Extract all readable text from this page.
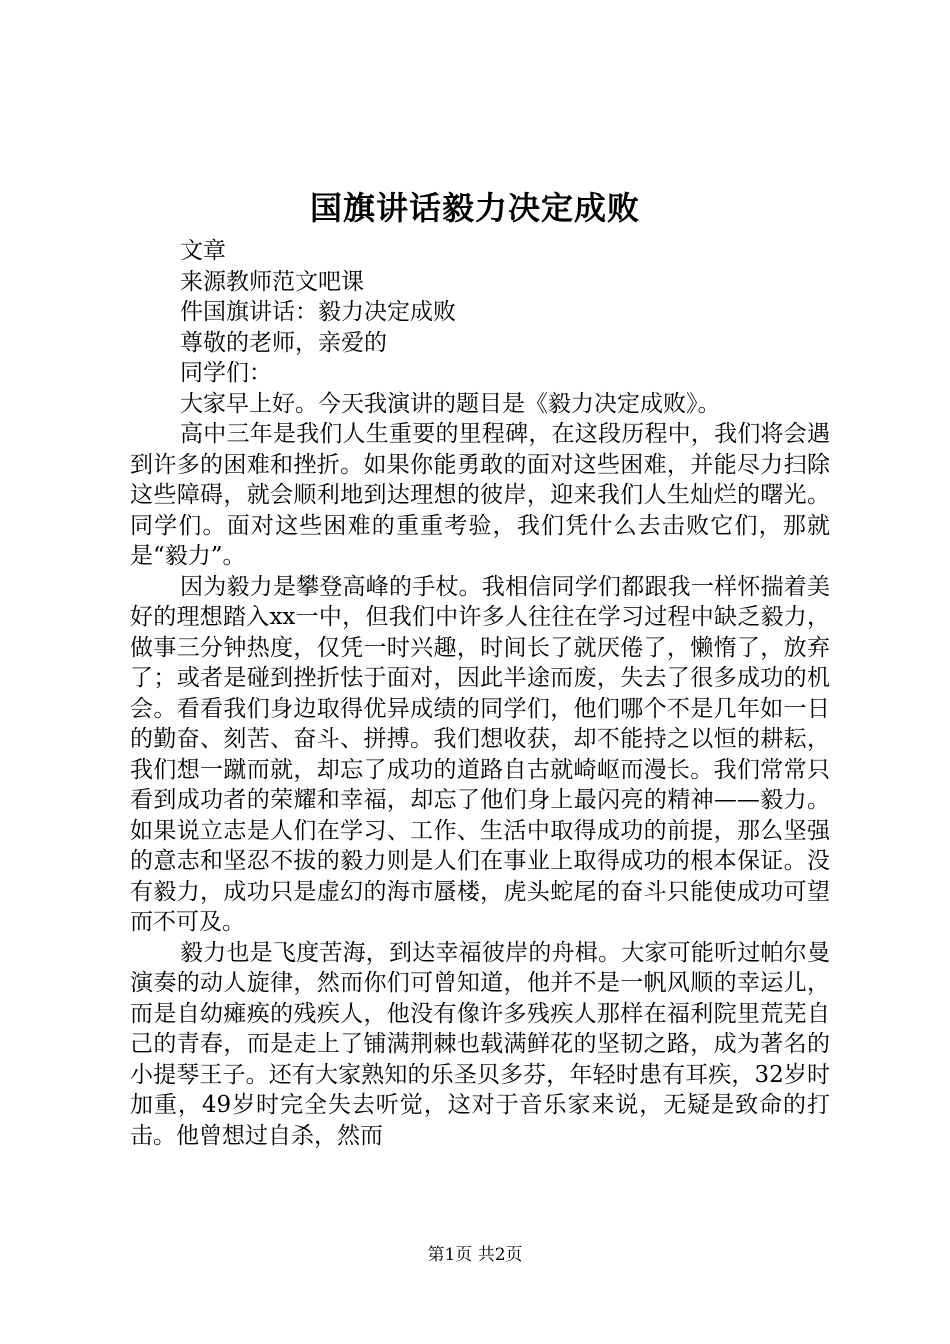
国旗讲话毅力决定成败

文章

来源教师范文吧课

件国旗讲话：毅力决定成败

尊敬的老师，亲爱的

同学们：

大家早上好。今天我演讲的题目是《毅力决定成败》。

高中三年是我们人生重要的里程碑，在这段历程中，我们将会遇到许多的困难和挫折。如果你能勇敢的面对这些困难，并能尽力扫除这些障碍，就会顺利地到达理想的彼岸，迎来我们人生灿烂的曙光。同学们。面对这些困难的重重考验，我们凭什么去击败它们，那就是“毅力”。

因为毅力是攀登高峰的手杖。我相信同学们都跟我一样怀揣着美好的理想踏入xx一中，但我们中许多人往往在学习过程中缺乏毅力，做事三分钟热度，仅凭一时兴趣，时间长了就厌倦了，懒惰了，放弃了；或者是碰到挫折怯于面对，因此半途而废，失去了很多成功的机会。看看我们身边取得优异成绩的同学们，他们哪个不是几年如一日的勤奋、刻苦、奋斗、拼搏。我们想收获，却不能持之以恒的耕耘，我们想一蹴而就，却忘了成功的道路自古就崎岖而漫长。我们常常只看到成功者的荣耀和幸福，却忘了他们身上最闪亮的精神——毅力。如果说立志是人们在学习、工作、生活中取得成功的前提，那么坚强的意志和坚忍不拔的毅力则是人们在事业上取得成功的根本保证。没有毅力，成功只是虚幻的海市蜃楼，虎头蛇尾的奋斗只能使成功可望而不可及。

毅力也是飞度苦海，到达幸福彼岸的舟楫。大家可能听过帕尔曼演奏的动人旋律，然而你们可曾知道，他并不是一帆风顺的幸运儿，而是自幼瘫痪的残疾人，他没有像许多残疾人那样在福利院里荒芜自己的青春，而是走上了铺满荆棘也载满鲜花的坚韧之路，成为著名的小提琴王子。还有大家熟知的乐圣贝多芬，年轻时患有耳疾，32岁时加重，49岁时完全失去听觉，这对于音乐家来说，无疑是致命的打击。他曾想过自杀，然而

第1页 共2页
